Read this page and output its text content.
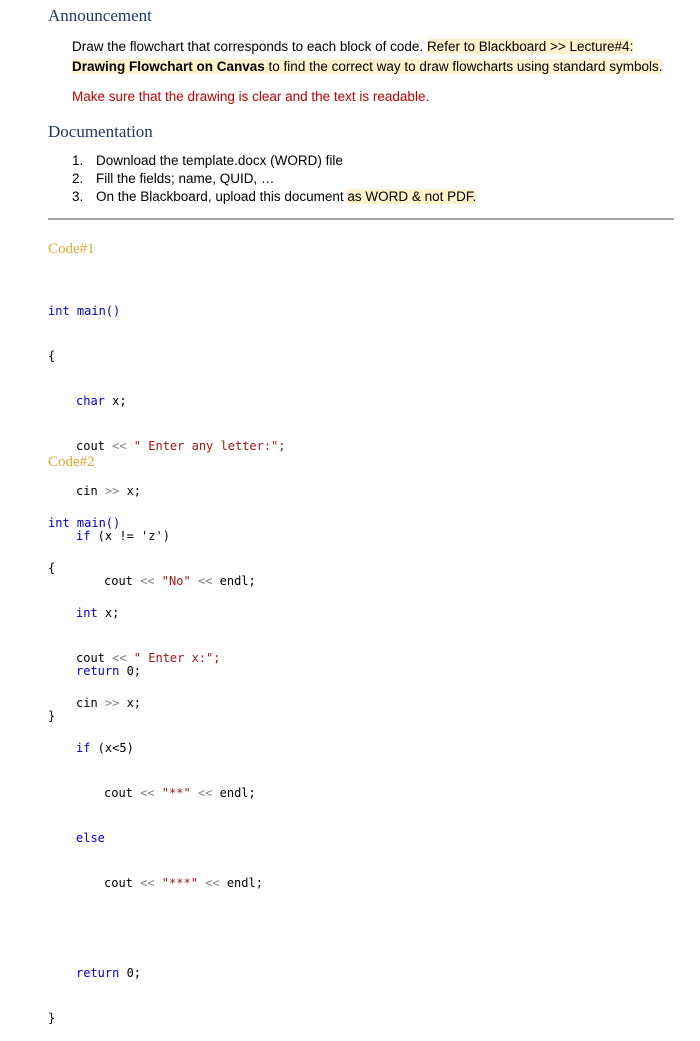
Announcement

Draw the flowchart that corresponds to each block of code. Refer to Blackboard >> Lecture#4:
Drawing Flowchart on Canvas to find the correct way to draw flowcharts using standard symbols.

Make sure that the drawing is clear and the text is readable.

Documentation
1. Download the template.docx (WORD) file
2. Fill the fields; name, QUID, …
3. On the Blackboard, upload this document as WORD & not PDF.
Code#1

int main()

{

char x;

cout << " Enter any letter:";

cin >> x;

if (x != 'z')

cout << "No" << endl;

return 0;

}

Code#2

int main()

{

int x;

cout << " Enter x:";

cin >> x;

if (x<5)

cout << "**" << endl;

else

cout << "***" << endl;

return 0;

}
